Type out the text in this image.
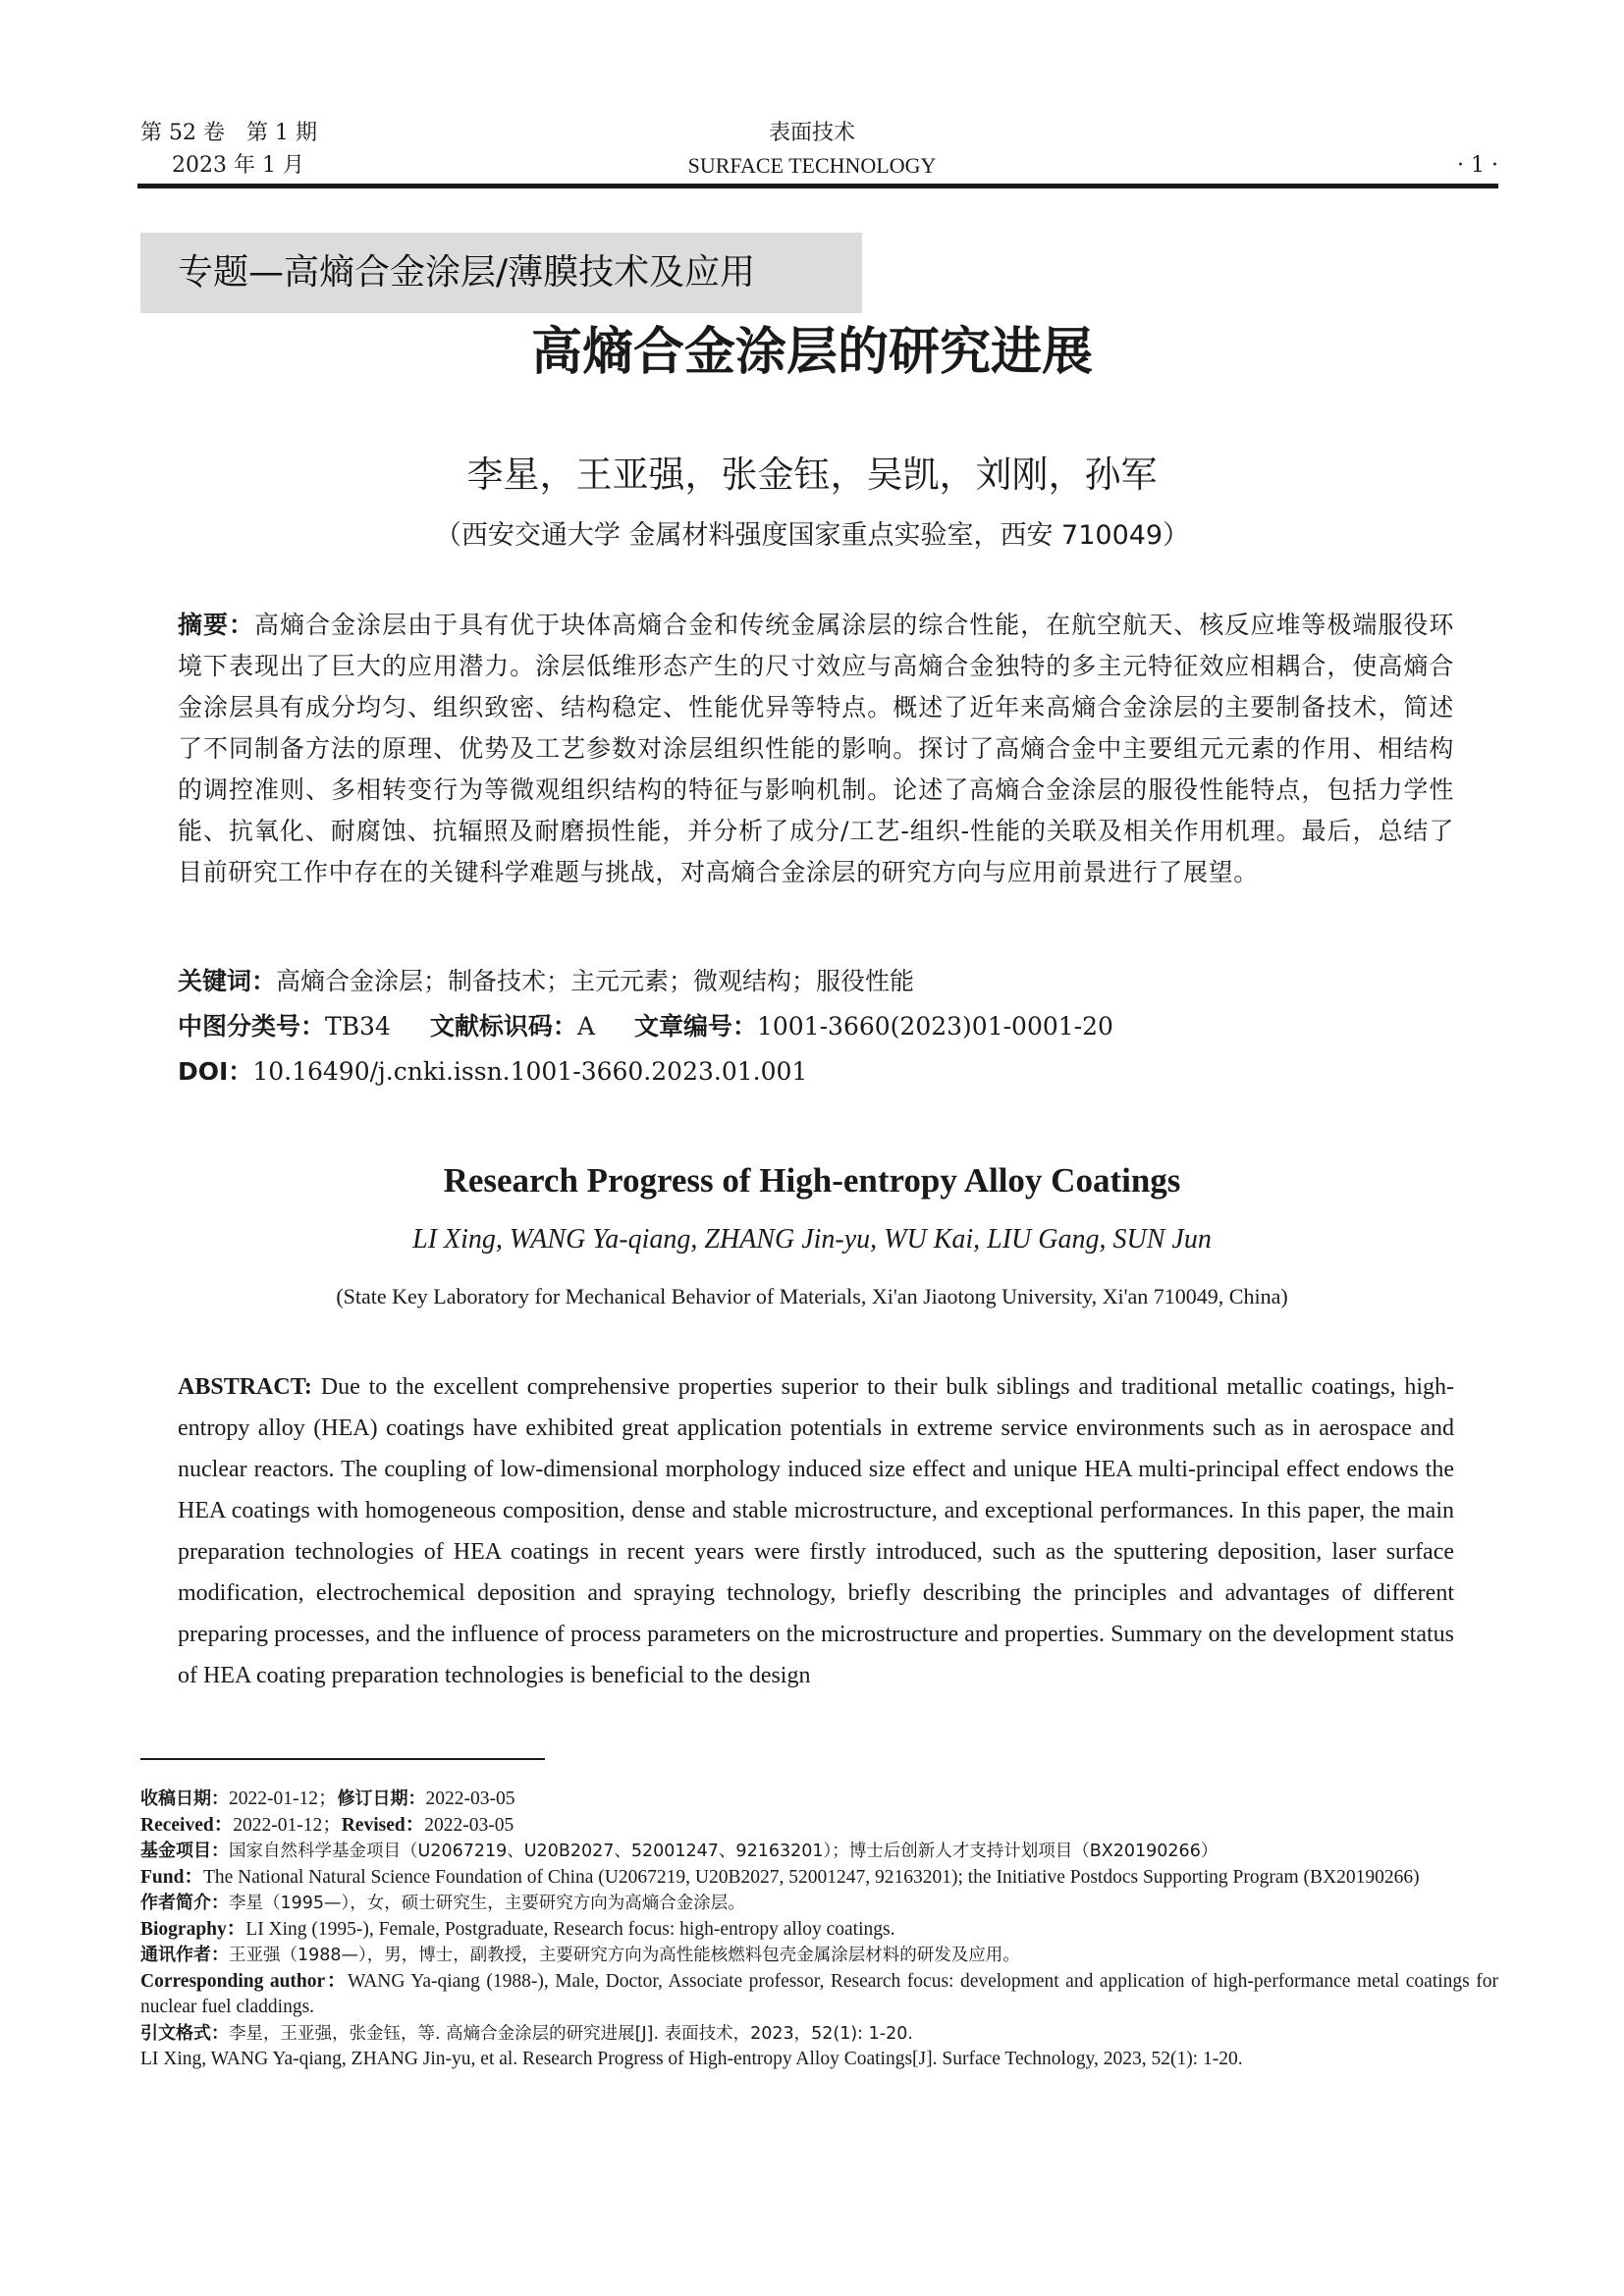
第 52 卷　第 1 期
2023 年 1 月
表面技术
SURFACE TECHNOLOGY	· 1 ·
专题—高熵合金涂层/薄膜技术及应用
高熵合金涂层的研究进展
李星，王亚强，张金钰，吴凯，刘刚，孙军
（西安交通大学 金属材料强度国家重点实验室，西安 710049）
摘要：高熵合金涂层由于具有优于块体高熵合金和传统金属涂层的综合性能，在航空航天、核反应堆等极端服役环境下表现出了巨大的应用潜力。涂层低维形态产生的尺寸效应与高熵合金独特的多主元特征效应相耦合，使高熵合金涂层具有成分均匀、组织致密、结构稳定、性能优异等特点。概述了近年来高熵合金涂层的主要制备技术，简述了不同制备方法的原理、优势及工艺参数对涂层组织性能的影响。探讨了高熵合金中主要组元元素的作用、相结构的调控准则、多相转变行为等微观组织结构的特征与影响机制。论述了高熵合金涂层的服役性能特点，包括力学性能、抗氧化、耐腐蚀、抗辐照及耐磨损性能，并分析了成分/工艺-组织-性能的关联及相关作用机理。最后，总结了目前研究工作中存在的关键科学难题与挑战，对高熵合金涂层的研究方向与应用前景进行了展望。
关键词：高熵合金涂层；制备技术；主元元素；微观结构；服役性能
中图分类号：TB34 文献标识码：A 文章编号：1001-3660(2023)01-0001-20
DOI：10.16490/j.cnki.issn.1001-3660.2023.01.001
Research Progress of High-entropy Alloy Coatings
LI Xing, WANG Ya-qiang, ZHANG Jin-yu, WU Kai, LIU Gang, SUN Jun
(State Key Laboratory for Mechanical Behavior of Materials, Xi'an Jiaotong University, Xi'an 710049, China)
ABSTRACT: Due to the excellent comprehensive properties superior to their bulk siblings and traditional metallic coatings, high-entropy alloy (HEA) coatings have exhibited great application potentials in extreme service environments such as in aerospace and nuclear reactors. The coupling of low-dimensional morphology induced size effect and unique HEA multi-principal effect endows the HEA coatings with homogeneous composition, dense and stable microstructure, and exceptional performances. In this paper, the main preparation technologies of HEA coatings in recent years were firstly introduced, such as the sputtering deposition, laser surface modification, electrochemical deposition and spraying technology, briefly describing the principles and advantages of different preparing processes, and the influence of process parameters on the microstructure and properties. Summary on the development status of HEA coating preparation technologies is beneficial to the design

收稿日期：2022-01-12；修订日期：2022-03-05

Received：2022-01-12；Revised：2022-03-05

基金项目：国家自然科学基金项目（U2067219、U20B2027、52001247、92163201）；博士后创新人才支持计划项目（BX20190266）

Fund：The National Natural Science Foundation of China (U2067219, U20B2027, 52001247, 92163201); the Initiative Postdocs Supporting Program (BX20190266)

作者简介：李星（1995—），女，硕士研究生，主要研究方向为高熵合金涂层。

Biography：LI Xing (1995-), Female, Postgraduate, Research focus: high-entropy alloy coatings.

通讯作者：王亚强（1988—），男，博士，副教授，主要研究方向为高性能核燃料包壳金属涂层材料的研发及应用。

Corresponding author：WANG Ya-qiang (1988-), Male, Doctor, Associate professor, Research focus: development and application of high-performance metal coatings for nuclear fuel claddings.

引文格式：李星，王亚强，张金钰，等. 高熵合金涂层的研究进展[J]. 表面技术，2023，52(1): 1-20.

LI Xing, WANG Ya-qiang, ZHANG Jin-yu, et al. Research Progress of High-entropy Alloy Coatings[J]. Surface Technology, 2023, 52(1): 1-20.
